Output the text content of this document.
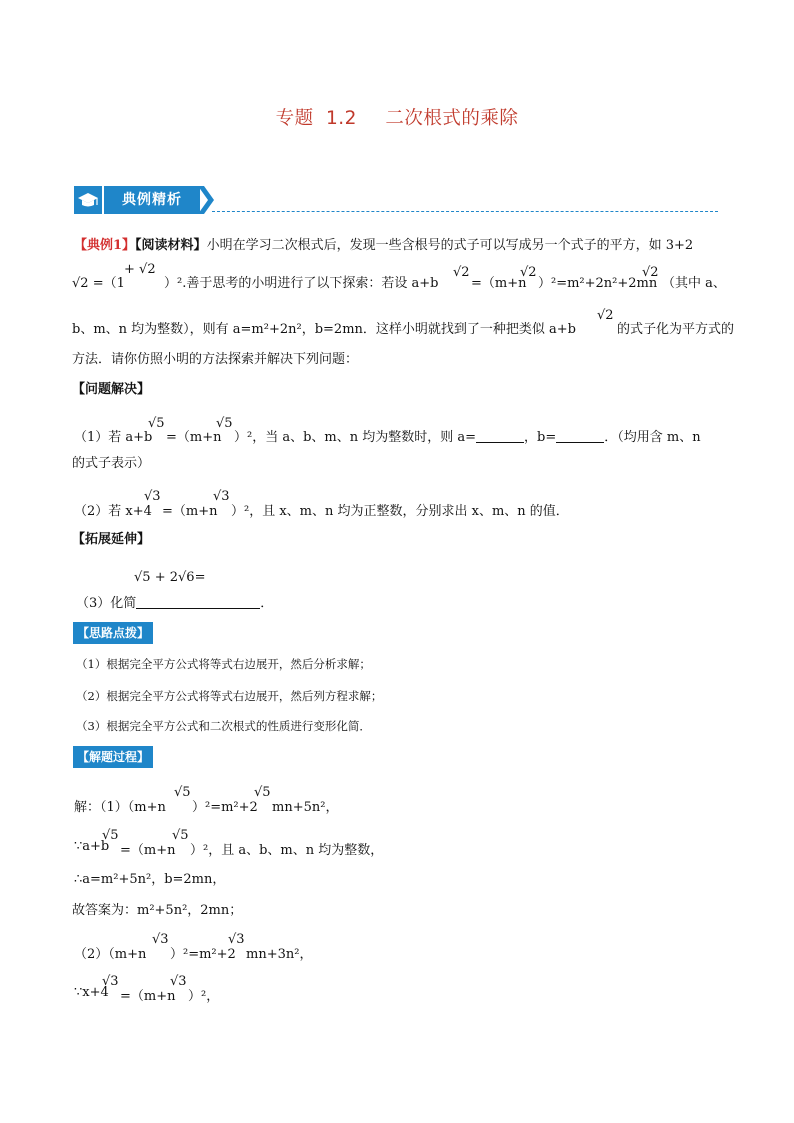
专题 1.2 二次根式的乘除
典例精析
【典例1】【阅读材料】小明在学习二次根式后，发现一些含根号的式子可以写成另一个式子的平方，如 3+2
√2 =（1
+ √2
）².善于思考的小明进行了以下探索：若设 a+b
√2
=（m+n
√2
）²=m²+2n²+2mn
√2
（其中 a、
b、m、n 均为整数），则有 a=m²+2n²，b=2mn．这样小明就找到了一种把类似 a+b
√2
的式子化为平方式的
方法．请你仿照小明的方法探索并解决下列问题：
【问题解决】
（1）若 a+b
√5
=（m+n
√5
）²，当 a、b、m、n 均为整数时，则 a=	，b=	．（均用含 m、n
的式子表示）
（2）若 x+4
√3
=（m+n
√3
）²，且 x、m、n 均为正整数，分别求出 x、m、n 的值．
【拓展延伸】
（3）化简	．
√5 + 2√6=
【思路点拨】
（1）根据完全平方公式将等式右边展开，然后分析求解；
（2）根据完全平方公式将等式右边展开，然后列方程求解；
（3）根据完全平方公式和二次根式的性质进行变形化简．
【解题过程】
解：（1）（m+n
√5
）²=m²+2
√5
mn+5n²，
∵a+b
√5
=（m+n
√5
）²，且 a、b、m、n 均为整数，
∴a=m²+5n²，b=2mn，
故答案为：m²+5n²，2mn；
（2）（m+n
√3
）²=m²+2
√3
mn+3n²，
∵x+4
√3
=（m+n
√3
）²，
